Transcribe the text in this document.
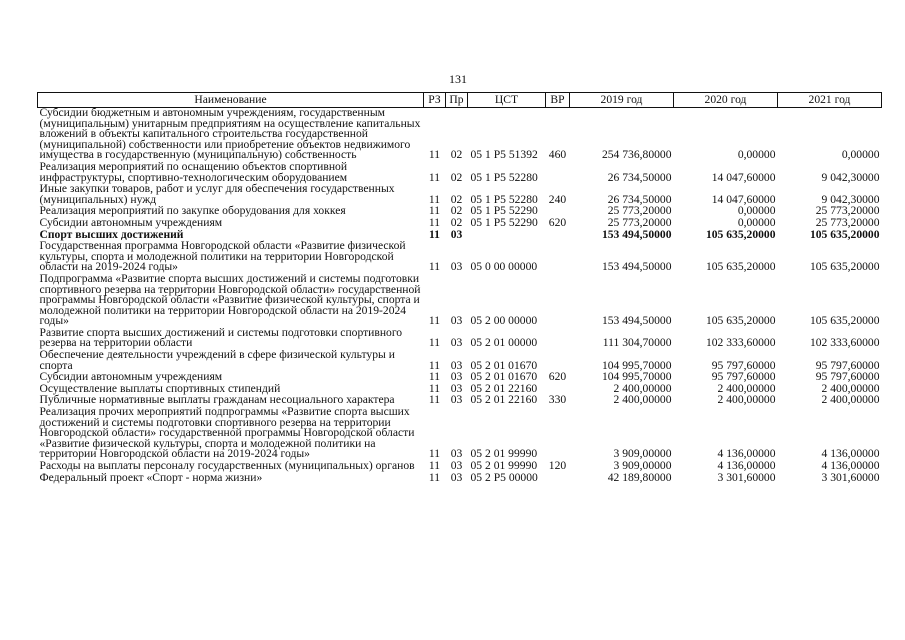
131
Наименование	РЗ	Пр	ЦСТ	ВР	2019 год	2020 год	2021 год
Субсидии бюджетным и автономным учреждениям, государственным (муниципальным) унитарным предприятиям на осуществление капитальных вложений в объекты капитального строительства государственной (муниципальной) собственности или приобретение объектов недвижимого имущества в государственную (муниципальную) собственность	11	02	05 1 P5 51392	460	254 736,80000	0,00000	0,00000
Реализация мероприятий по оснащению объектов спортивной инфраструктуры, спортивно-технологическим оборудованием	11	02	05 1 P5 52280		26 734,50000	14 047,60000	9 042,30000
Иные закупки товаров, работ и услуг для обеспечения государственных (муниципальных) нужд	11	02	05 1 P5 52280	240	26 734,50000	14 047,60000	9 042,30000
Реализация мероприятий по закупке оборудования для хоккея	11	02	05 1 P5 52290		25 773,20000	0,00000	25 773,20000
Субсидии автономным учреждениям	11	02	05 1 P5 52290	620	25 773,20000	0,00000	25 773,20000
Спорт высших достижений	11	03			153 494,50000	105 635,20000	105 635,20000
Государственная программа Новгородской области «Развитие физической культуры, спорта и молодежной политики на территории Новгородской области на 2019-2024 годы»	11	03	05 0 00 00000		153 494,50000	105 635,20000	105 635,20000
Подпрограмма «Развитие спорта высших достижений и системы подготовки спортивного резерва на территории Новгородской области» государственной программы Новгородской области «Развитие физической культуры, спорта и молодежной политики на территории Новгородской области на 2019-2024 годы»	11	03	05 2 00 00000		153 494,50000	105 635,20000	105 635,20000
Развитие спорта высших достижений и системы подготовки спортивного резерва на территории области	11	03	05 2 01 00000		111 304,70000	102 333,60000	102 333,60000
Обеспечение деятельности учреждений в сфере физической культуры и спорта	11	03	05 2 01 01670		104 995,70000	95 797,60000	95 797,60000
Субсидии автономным учреждениям	11	03	05 2 01 01670	620	104 995,70000	95 797,60000	95 797,60000
Осуществление выплаты спортивных стипендий	11	03	05 2 01 22160		2 400,00000	2 400,00000	2 400,00000
Публичные нормативные выплаты гражданам несоциального характера	11	03	05 2 01 22160	330	2 400,00000	2 400,00000	2 400,00000
Реализация прочих мероприятий подпрограммы «Развитие спорта высших достижений и системы подготовки спортивного резерва на территории Новгородской области» государственной программы Новгородской области «Развитие физической культуры, спорта и молодежной политики на территории Новгородской области на 2019-2024 годы»	11	03	05 2 01 99990		3 909,00000	4 136,00000	4 136,00000
Расходы на выплаты персоналу государственных (муниципальных) органов	11	03	05 2 01 99990	120	3 909,00000	4 136,00000	4 136,00000
Федеральный проект «Спорт - норма жизни»	11	03	05 2 P5 00000		42 189,80000	3 301,60000	3 301,60000
